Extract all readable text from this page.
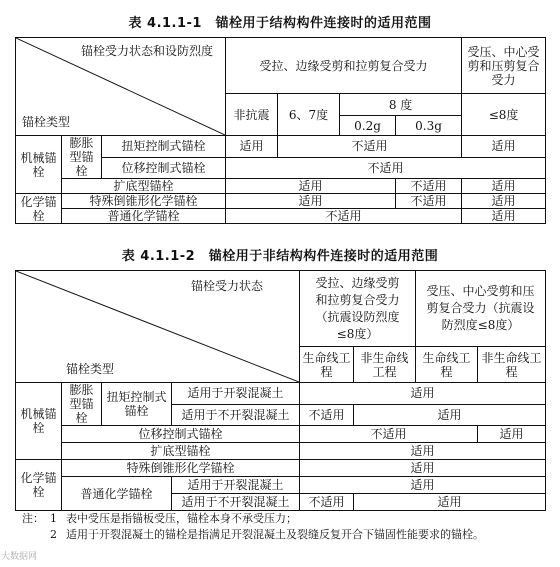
表 4.1.1-1　锚栓用于结构构件连接时的适用范围
锚栓受力状态和设防烈度
锚栓类型			受拉、边缘受剪和拉剪复合受力				受压、中心受剪和压剪复合受力
			非抗震	6、7度	8 度		≤8度
					0.2g	0.3g	
机械锚栓	膨胀型锚栓	扭矩控制式锚栓	适用	不适用			适用
		位移控制式锚栓	不适用				
	扩底型锚栓		适用			不适用	适用
化学锚栓	特殊倒锥形化学锚栓		适用			不适用	适用
	普通化学锚栓		不适用				适用
表 4.1.1-2　锚栓用于非结构构件连接时的适用范围
锚栓受力状态
锚栓类型				受拉、边缘受剪和拉剪复合受力（抗震设防烈度≤8度）		受压、中心受剪和压剪复合受力（抗震设防烈度≤8度）	
				生命线工程	非生命线工程	生命线工程	非生命线工程
机械锚栓	膨胀型锚栓	扭矩控制式锚栓	适用于开裂混凝土	适用			
			适用于不开裂混凝土	不适用	适用		
	位移控制式锚栓			不适用			适用
	扩底型锚栓			适用			
化学锚栓	特殊倒锥形化学锚栓			适用			
	普通化学锚栓		适用于开裂混凝土	适用			
			适用于不开裂混凝土	不适用	适用		
注： 1 表中受压是指锚板受压，锚栓本身不承受压力；
2 适用于开裂混凝土的锚栓是指满足开裂混凝土及裂缝反复开合下锚固性能要求的锚栓。
大数据网
